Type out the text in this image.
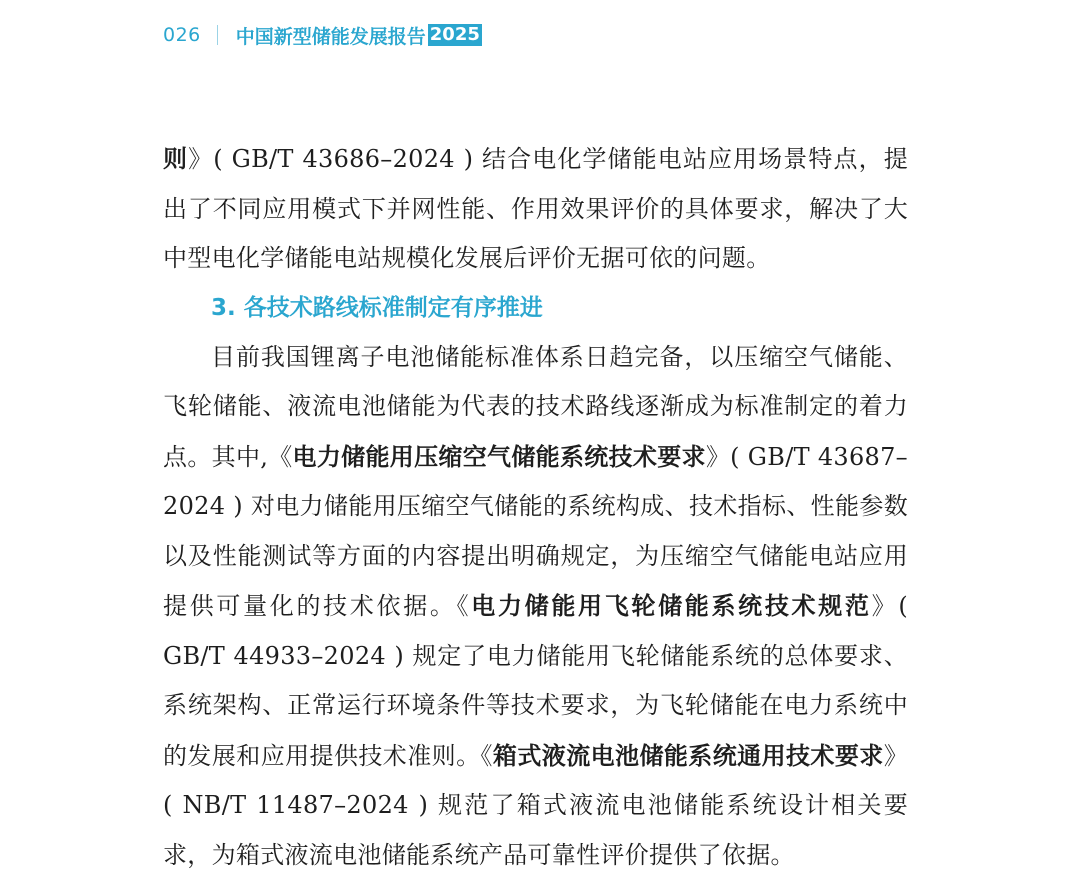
026 中国新型储能发展报告 2025

则》( GB/T 43686–2024 ) 结合电化学储能电站应用场景特点，提出了不同应用模式下并网性能、作用效果评价的具体要求，解决了大中型电化学储能电站规模化发展后评价无据可依的问题。

3. 各技术路线标准制定有序推进

目前我国锂离子电池储能标准体系日趋完备，以压缩空气储能、飞轮储能、液流电池储能为代表的技术路线逐渐成为标准制定的着力点。其中,《电力储能用压缩空气储能系统技术要求》( GB/T 43687–2024 ) 对电力储能用压缩空气储能的系统构成、技术指标、性能参数以及性能测试等方面的内容提出明确规定，为压缩空气储能电站应用提供可量化的技术依据。《电力储能用飞轮储能系统技术规范》( GB/T 44933–2024 ) 规定了电力储能用飞轮储能系统的总体要求、系统架构、正常运行环境条件等技术要求，为飞轮储能在电力系统中的发展和应用提供技术准则。《箱式液流电池储能系统通用技术要求》( NB/T 11487–2024 ) 规范了箱式液流电池储能系统设计相关要求，为箱式液流电池储能系统产品可靠性评价提供了依据。
